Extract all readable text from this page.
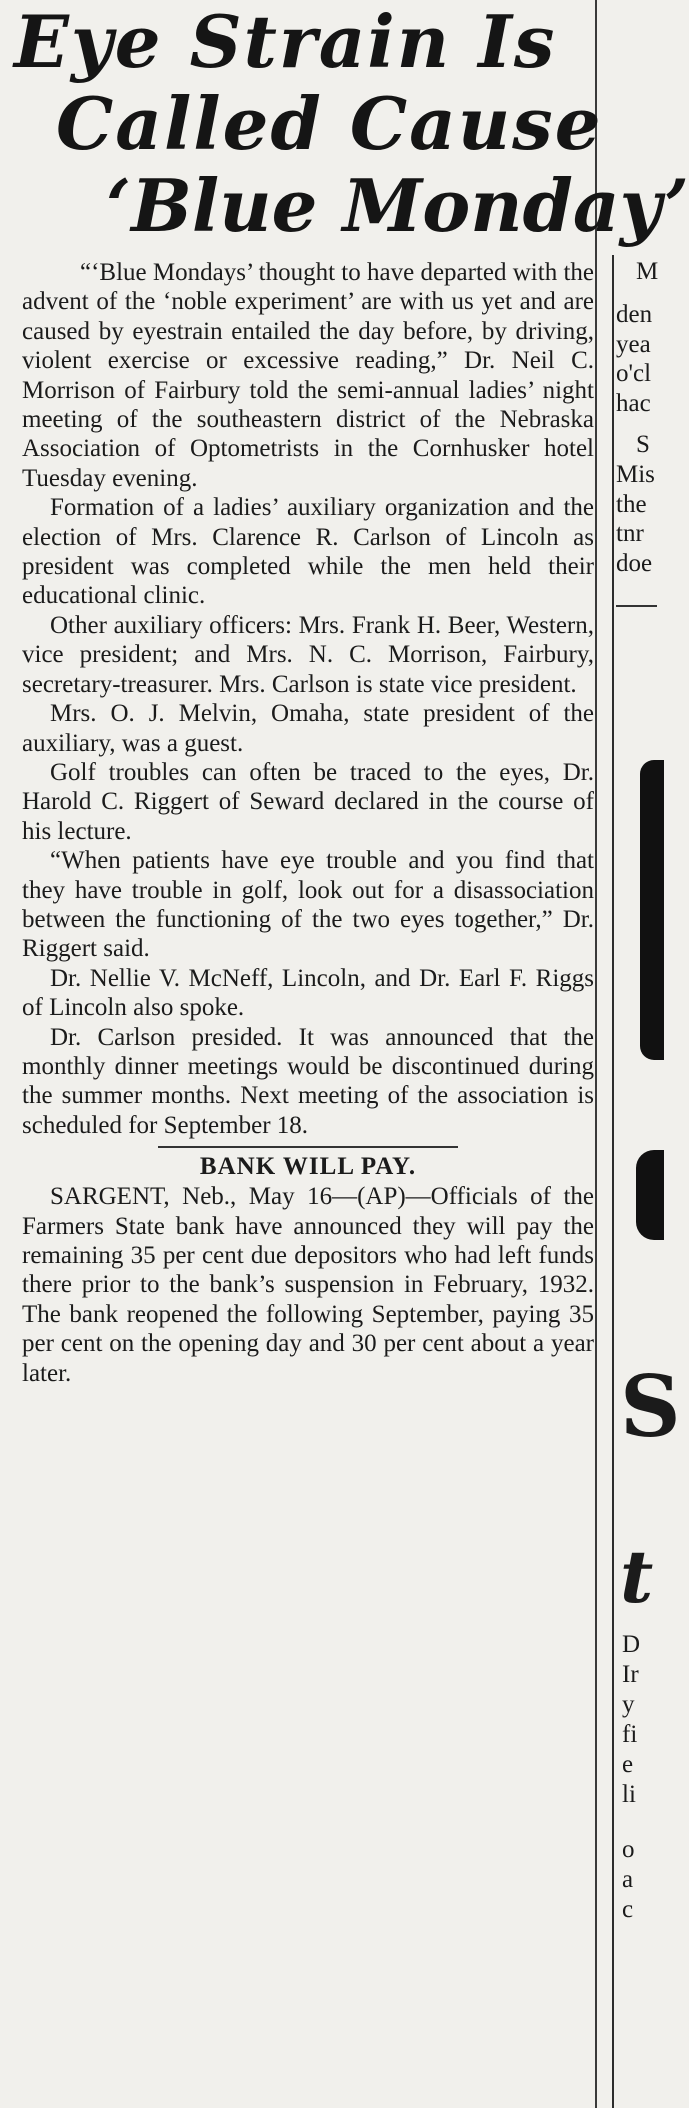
Eye Strain Is
Called Cause
‘Blue Monday’

“‘Blue Mondays’ thought to have departed with the advent of the ‘noble experiment’ are with us yet and are caused by eyestrain entailed the day before, by driving, violent exercise or excessive reading,” Dr. Neil C. Morrison of Fairbury told the semi-annual ladies’ night meeting of the southeastern district of the Nebraska Association of Optometrists in the Cornhusker hotel Tuesday evening.

Formation of a ladies’ auxiliary organization and the election of Mrs. Clarence R. Carlson of Lincoln as president was completed while the men held their educational clinic.

Other auxiliary officers: Mrs. Frank H. Beer, Western, vice president; and Mrs. N. C. Morrison, Fairbury, secretary-treasurer. Mrs. Carlson is state vice president.

Mrs. O. J. Melvin, Omaha, state president of the auxiliary, was a guest.

Golf troubles can often be traced to the eyes, Dr. Harold C. Riggert of Seward declared in the course of his lecture.

“When patients have eye trouble and you find that they have trouble in golf, look out for a disassociation between the functioning of the two eyes together,” Dr. Riggert said.

Dr. Nellie V. McNeff, Lincoln, and Dr. Earl F. Riggs of Lincoln also spoke.

Dr. Carlson presided. It was announced that the monthly dinner meetings would be discontinued during the summer months. Next meeting of the association is scheduled for September 18.

BANK WILL PAY.

SARGENT, Neb., May 16—(AP)—Officials of the Farmers State bank have announced they will pay the remaining 35 per cent due depositors who had left funds there prior to the bank’s suspension in February, 1932. The bank reopened the following September, paying 35 per cent on the opening day and 30 per cent about a year later.

M
den
yea
o'cl
hac
S
Mis
the
tnr
doe
S
t
D
Ir
y
fi
e
li
o
a
c
